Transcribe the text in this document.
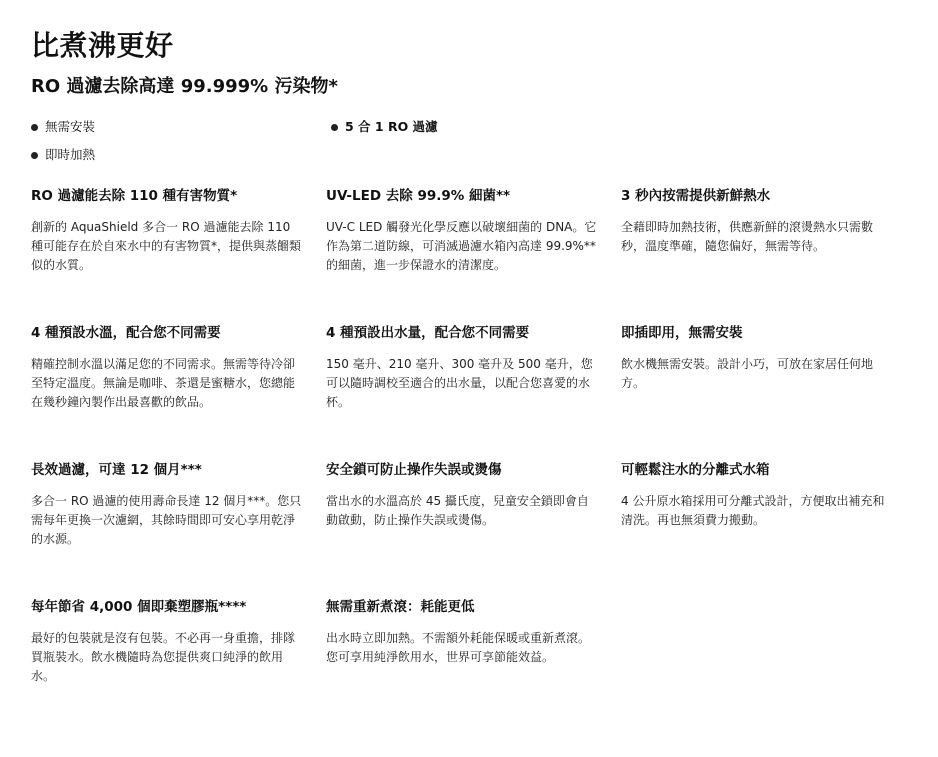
比煮沸更好
RO 過濾去除高達 99.999% 污染物*
無需安裝	5 合 1 RO 過濾
即時加熱
RO 過濾能去除 110 種有害物質*

創新的 AquaShield 多合一 RO 過濾能去除 110 種可能存在於自來水中的有害物質*，提供與蒸餾類似的水質。

UV-LED 去除 99.9% 細菌**

UV-C LED 觸發光化學反應以破壞細菌的 DNA。它作為第二道防線，可消滅過濾水箱內高達 99.9%** 的細菌，進一步保證水的清潔度。

3 秒內按需提供新鮮熱水

全藉即時加熱技術，供應新鮮的滾燙熱水只需數秒，溫度準確，隨您偏好，無需等待。

4 種預設水溫，配合您不同需要

精確控制水溫以滿足您的不同需求。無需等待冷卻至特定溫度。無論是咖啡、茶還是蜜糖水，您總能在幾秒鐘內製作出最喜歡的飲品。

4 種預設出水量，配合您不同需要

150 毫升、210 毫升、300 毫升及 500 毫升，您可以隨時調校至適合的出水量，以配合您喜愛的水杯。

即插即用，無需安裝

飲水機無需安裝。設計小巧，可放在家居任何地方。

長效過濾，可達 12 個月***

多合一 RO 過濾的使用壽命長達 12 個月***。您只需每年更換一次濾網，其餘時間即可安心享用乾淨的水源。

安全鎖可防止操作失誤或燙傷

當出水的水溫高於 45 攝氏度，兒童安全鎖即會自動啟動，防止操作失誤或燙傷。

可輕鬆注水的分離式水箱

4 公升原水箱採用可分離式設計，方便取出補充和清洗。再也無須費力搬動。

每年節省 4,000 個即棄塑膠瓶****

最好的包裝就是沒有包裝。不必再一身重擔，排隊買瓶裝水。飲水機隨時為您提供爽口純淨的飲用水。

無需重新煮滾：耗能更低

出水時立即加熱。不需額外耗能保暖或重新煮滾。您可享用純淨飲用水，世界可享節能效益。
